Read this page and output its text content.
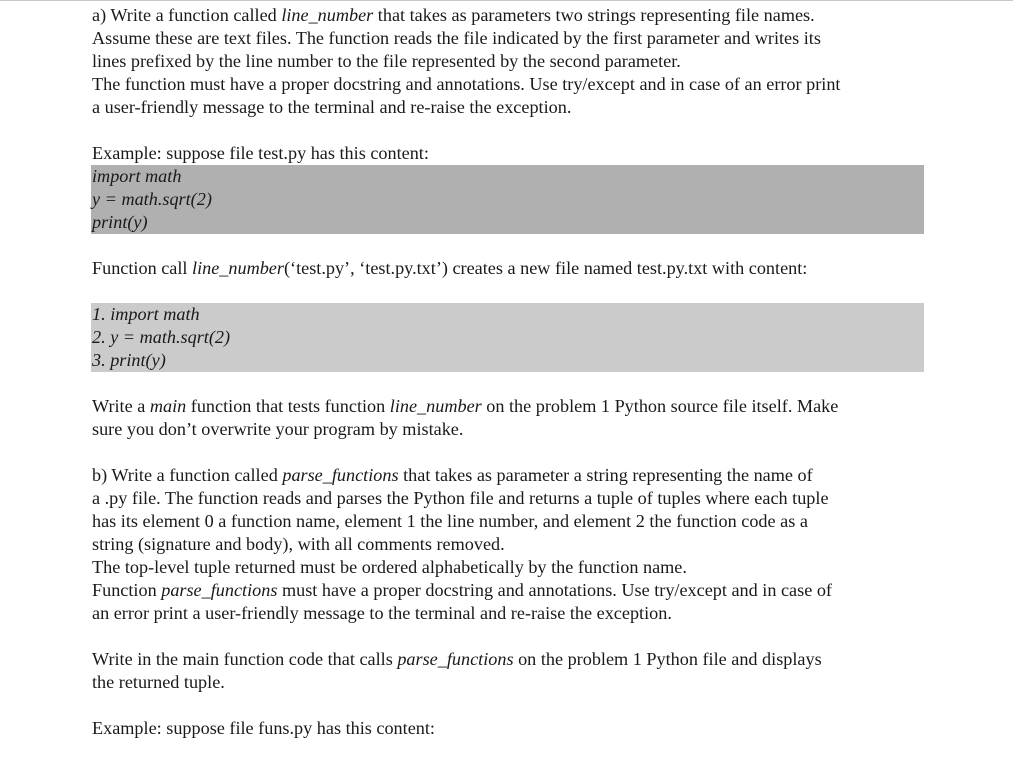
a) Write a function called line_number that takes as parameters two strings representing file names.

Assume these are text files. The function reads the file indicated by the first parameter and writes its

lines prefixed by the line number to the file represented by the second parameter.

The function must have a proper docstring and annotations. Use try/except and in case of an error print

a user-friendly message to the terminal and re-raise the exception.

Example: suppose file test.py has this content:

import math

y = math.sqrt(2)

print(y)

Function call line_number(‘test.py’, ‘test.py.txt’) creates a new file named test.py.txt with content:

1. import math

2. y = math.sqrt(2)

3. print(y)

Write a main function that tests function line_number on the problem 1 Python source file itself. Make

sure you don’t overwrite your program by mistake.

b) Write a function called parse_functions that takes as parameter a string representing the name of

a .py file. The function reads and parses the Python file and returns a tuple of tuples where each tuple

has its element 0 a function name, element 1 the line number, and element 2 the function code as a

string (signature and body), with all comments removed.

The top-level tuple returned must be ordered alphabetically by the function name.

Function parse_functions must have a proper docstring and annotations. Use try/except and in case of

an error print a user-friendly message to the terminal and re-raise the exception.

Write in the main function code that calls parse_functions on the problem 1 Python file and displays

the returned tuple.

Example: suppose file funs.py has this content:
